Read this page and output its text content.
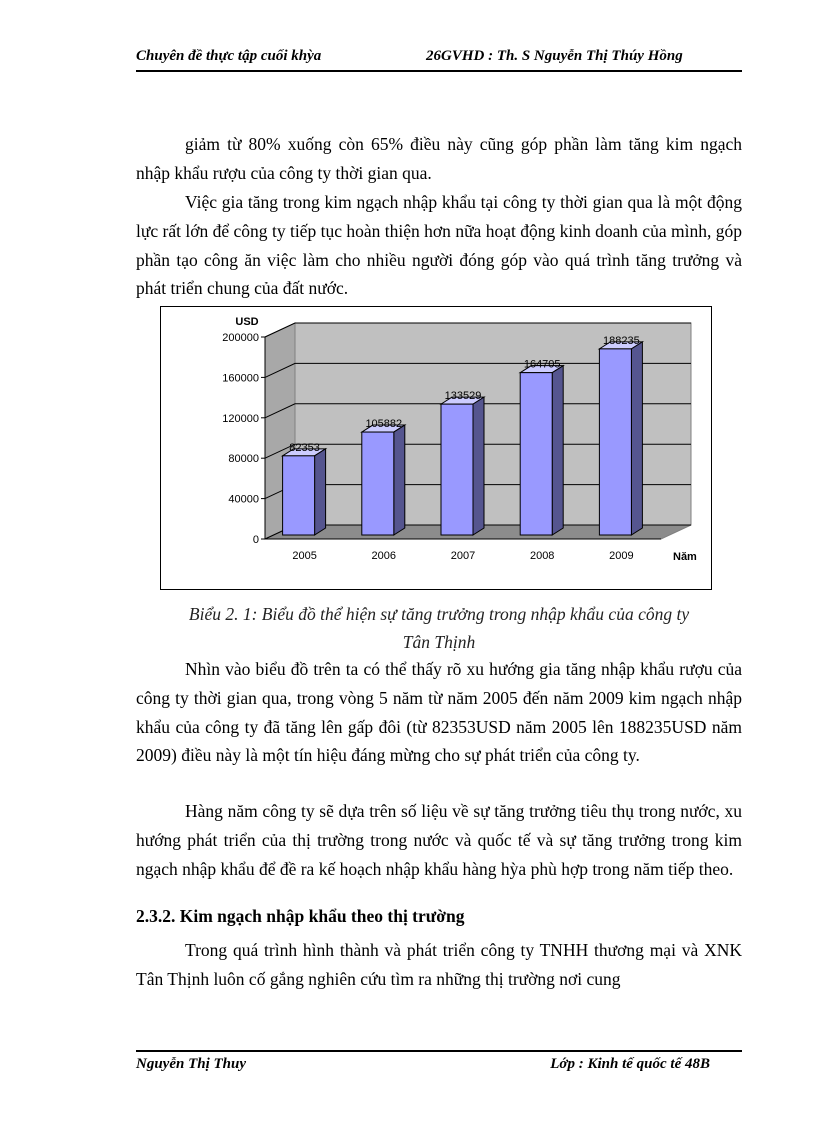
Chuyên đề thực tập cuối khỳa	26GVHD : Th. S Nguyễn Thị Thúy Hồng

giảm từ 80% xuống còn 65% điều này cũng góp phần làm tăng kim ngạch nhập khẩu rượu của công ty thời gian qua.

Việc gia tăng trong kim ngạch nhập khẩu tại công ty thời gian qua là một động lực rất lớn để công ty tiếp tục hoàn thiện hơn nữa hoạt động kinh doanh của mình, góp phần tạo công ăn việc làm cho nhiều người đóng góp vào quá trình tăng trưởng và phát triển chung của đất nước.

0
40000
80000
120000
160000
200000
USD
82353
2005
105882
2006
133529
2007
164705
2008
188235
2009	Năm
Biểu 2. 1: Biểu đồ thể hiện sự tăng trưởng trong nhập khẩu của công ty
Tân Thịnh

Nhìn vào biểu đồ trên ta có thể thấy rõ xu hướng gia tăng nhập khẩu rượu của công ty thời gian qua, trong vòng 5 năm từ năm 2005 đến năm 2009 kim ngạch nhập khẩu của công ty đã tăng lên gấp đôi (từ 82353USD năm 2005 lên 188235USD năm 2009) điều này là một tín hiệu đáng mừng cho sự phát triển của công ty.

Hàng năm công ty sẽ dựa trên số liệu về sự tăng trưởng tiêu thụ trong nước, xu hướng phát triển của thị trường trong nước và quốc tế và sự tăng trưởng trong kim ngạch nhập khẩu để đề ra kế hoạch nhập khẩu hàng hỳa phù hợp trong năm tiếp theo.

2.3.2. Kim ngạch nhập khẩu theo thị trường

Trong quá trình hình thành và phát triển công ty TNHH thương mại và XNK Tân Thịnh luôn cố gắng nghiên cứu tìm ra những thị trường nơi cung

Nguyễn Thị Thuy	Lớp : Kinh tế quốc tế 48B
